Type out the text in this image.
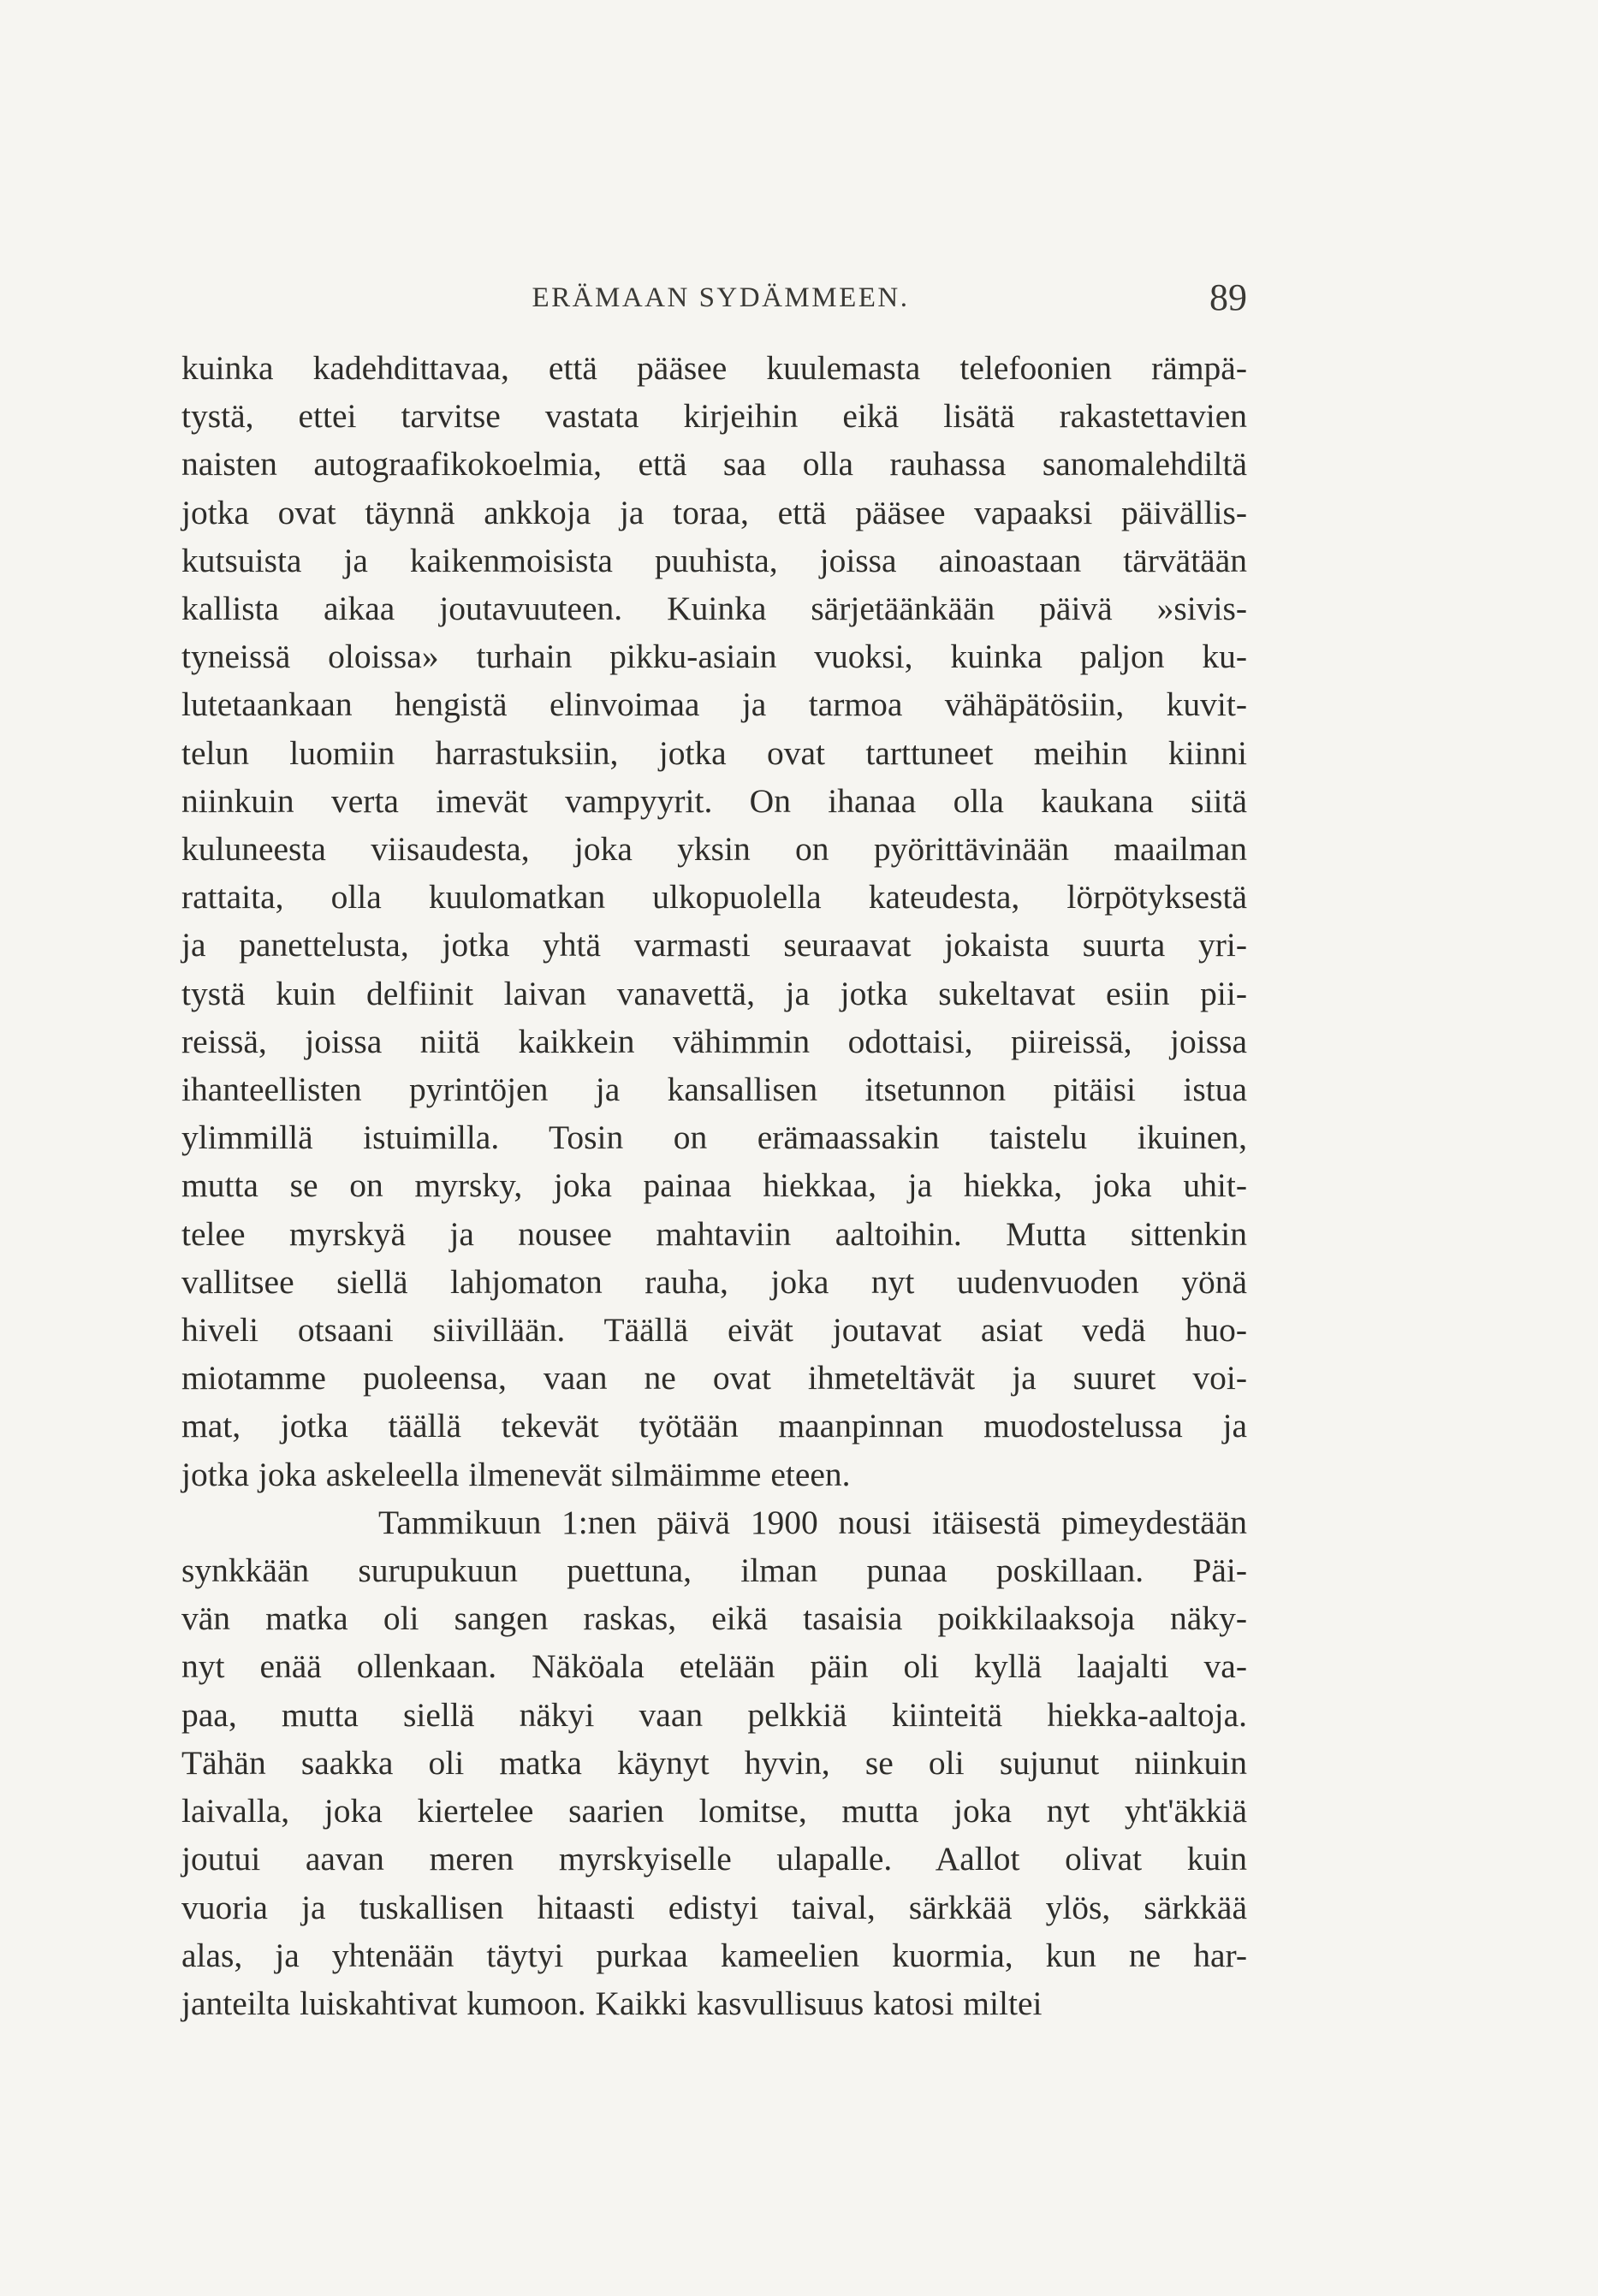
ERÄMAAN SYDÄMMEEN.	89

kuinka kadehdittavaa, että pääsee kuulemasta telefoonien rämpä-
tystä, ettei tarvitse vastata kirjeihin eikä lisätä rakastettavien
naisten autograafikokoelmia, että saa olla rauhassa sanomalehdiltä
jotka ovat täynnä ankkoja ja toraa, että pääsee vapaaksi päivällis-
kutsuista ja kaikenmoisista puuhista, joissa ainoastaan tärvätään
kallista aikaa joutavuuteen. Kuinka särjetäänkään päivä »sivis-
tyneissä oloissa» turhain pikku-asiain vuoksi, kuinka paljon ku-
lutetaankaan hengistä elinvoimaa ja tarmoa vähäpätösiin, kuvit-
telun luomiin harrastuksiin, jotka ovat tarttuneet meihin kiinni
niinkuin verta imevät vampyyrit. On ihanaa olla kaukana siitä
kuluneesta viisaudesta, joka yksin on pyörittävinään maailman
rattaita, olla kuulomatkan ulkopuolella kateudesta, lörpötyksestä
ja panettelusta, jotka yhtä varmasti seuraavat jokaista suurta yri-
tystä kuin delfiinit laivan vanavettä, ja jotka sukeltavat esiin pii-
reissä, joissa niitä kaikkein vähimmin odottaisi, piireissä, joissa
ihanteellisten pyrintöjen ja kansallisen itsetunnon pitäisi istua
ylimmillä istuimilla. Tosin on erämaassakin taistelu ikuinen,
mutta se on myrsky, joka painaa hiekkaa, ja hiekka, joka uhit-
telee myrskyä ja nousee mahtaviin aaltoihin. Mutta sittenkin
vallitsee siellä lahjomaton rauha, joka nyt uudenvuoden yönä
hiveli otsaani siivillään. Täällä eivät joutavat asiat vedä huo-
miotamme puoleensa, vaan ne ovat ihmeteltävät ja suuret voi-
mat, jotka täällä tekevät työtään maanpinnan muodostelussa ja
jotka joka askeleella ilmenevät silmäimme eteen.

Tammikuun 1:nen päivä 1900 nousi itäisestä pimeydestään
synkkään surupukuun puettuna, ilman punaa poskillaan. Päi-
vän matka oli sangen raskas, eikä tasaisia poikkilaaksoja näky-
nyt enää ollenkaan. Näköala etelään päin oli kyllä laajalti va-
paa, mutta siellä näkyi vaan pelkkiä kiinteitä hiekka-aaltoja.
Tähän saakka oli matka käynyt hyvin, se oli sujunut niinkuin
laivalla, joka kiertelee saarien lomitse, mutta joka nyt yht'äkkiä
joutui aavan meren myrskyiselle ulapalle. Aallot olivat kuin
vuoria ja tuskallisen hitaasti edistyi taival, särkkää ylös, särkkää
alas, ja yhtenään täytyi purkaa kameelien kuormia, kun ne har-
janteilta luiskahtivat kumoon. Kaikki kasvullisuus katosi miltei
